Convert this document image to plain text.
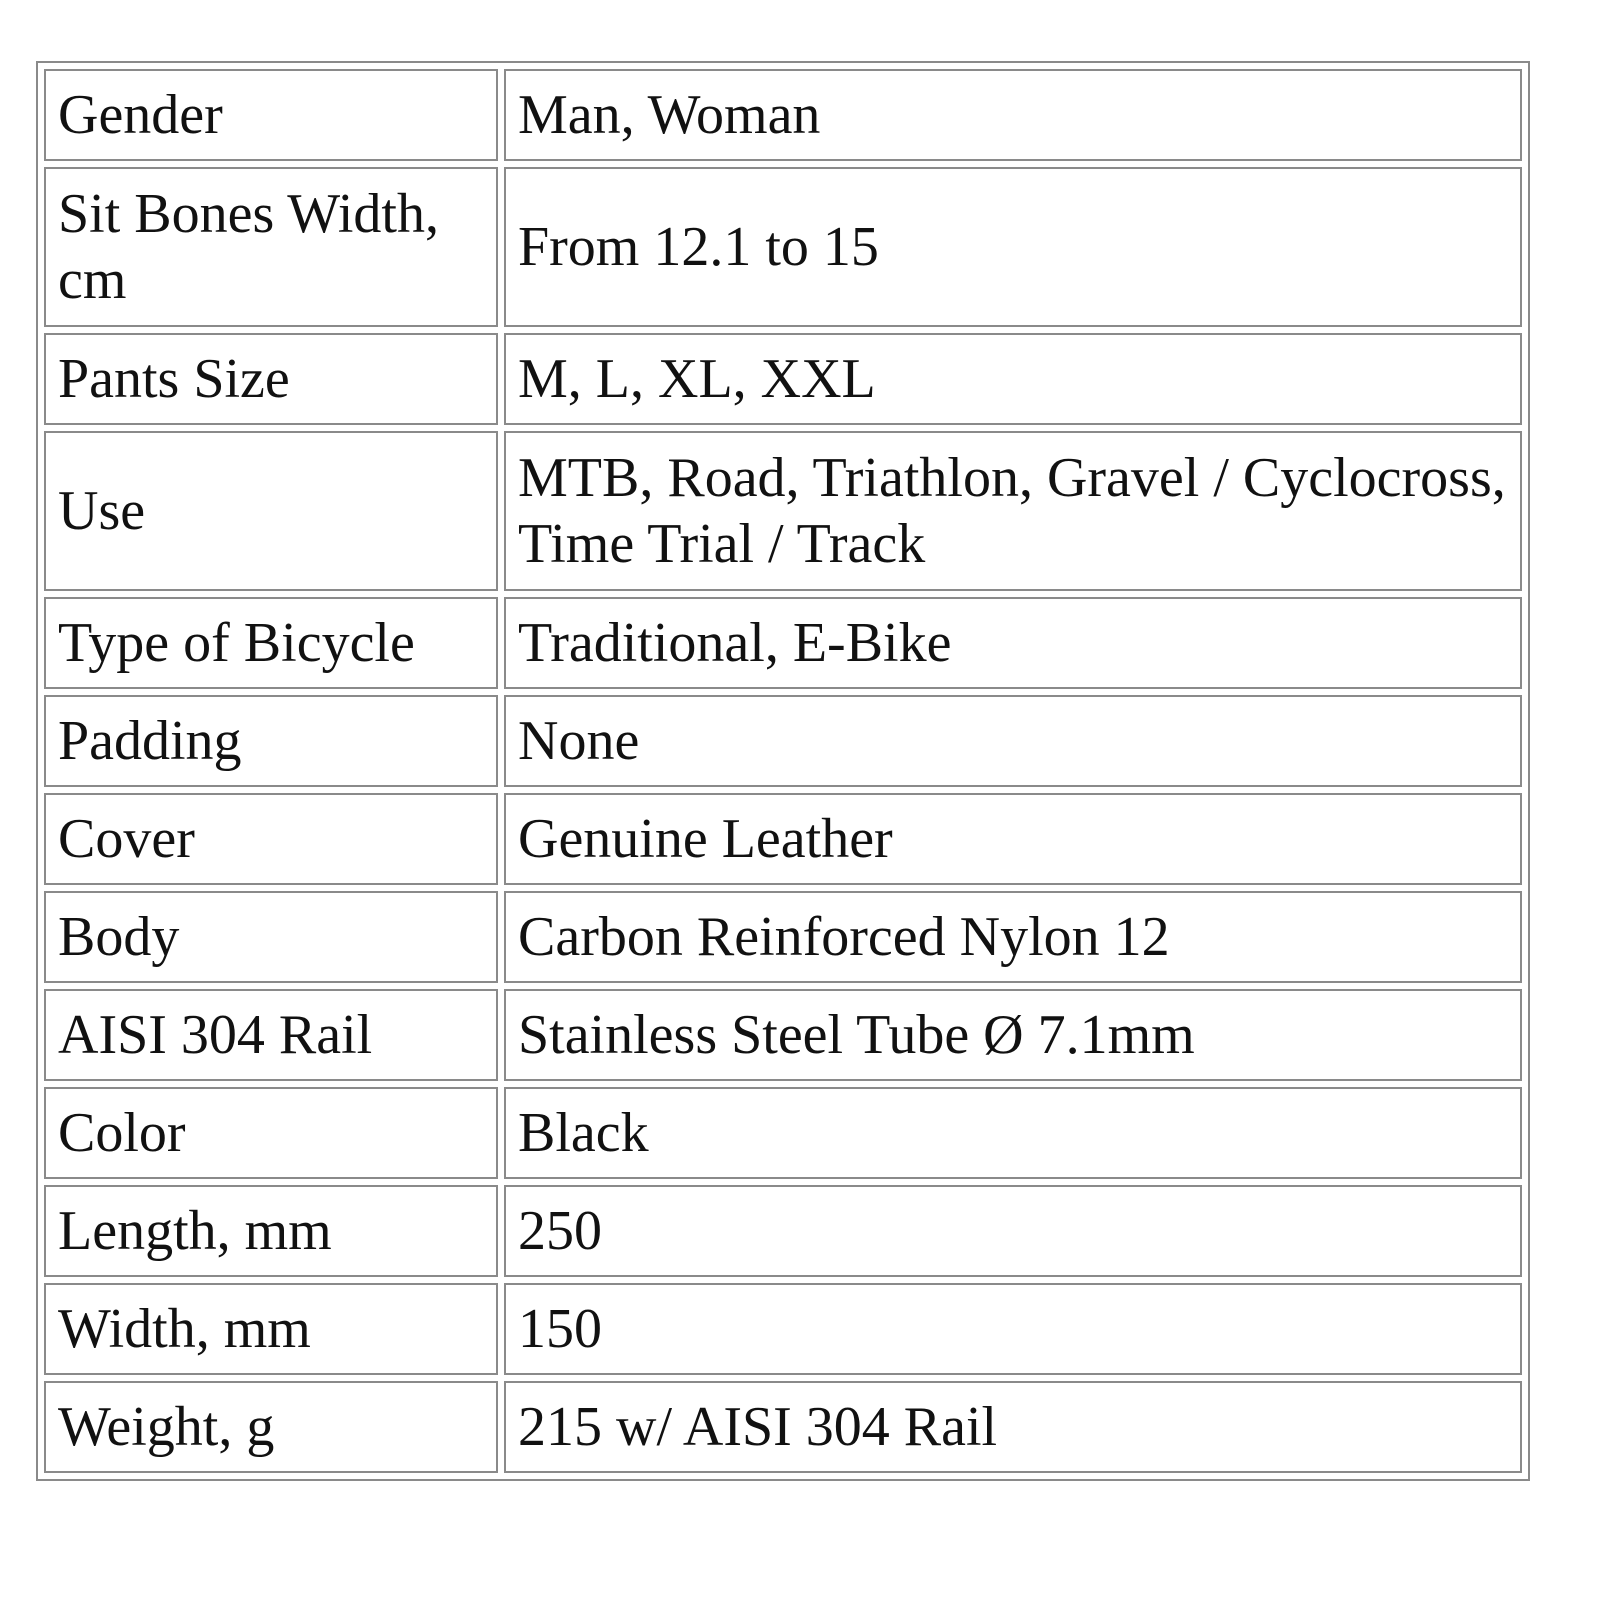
Gender	Man, Woman
Sit Bones Width, cm	From 12.1 to 15
Pants Size	M, L, XL, XXL
Use	MTB, Road, Triathlon, Gravel / Cyclocross, Time Trial / Track
Type of Bicycle	Traditional, E-Bike
Padding	None
Cover	Genuine Leather
Body	Carbon Reinforced Nylon 12
AISI 304 Rail	Stainless Steel Tube Ø 7.1mm
Color	Black
Length, mm	250
Width, mm	150
Weight, g	215 w/ AISI 304 Rail
